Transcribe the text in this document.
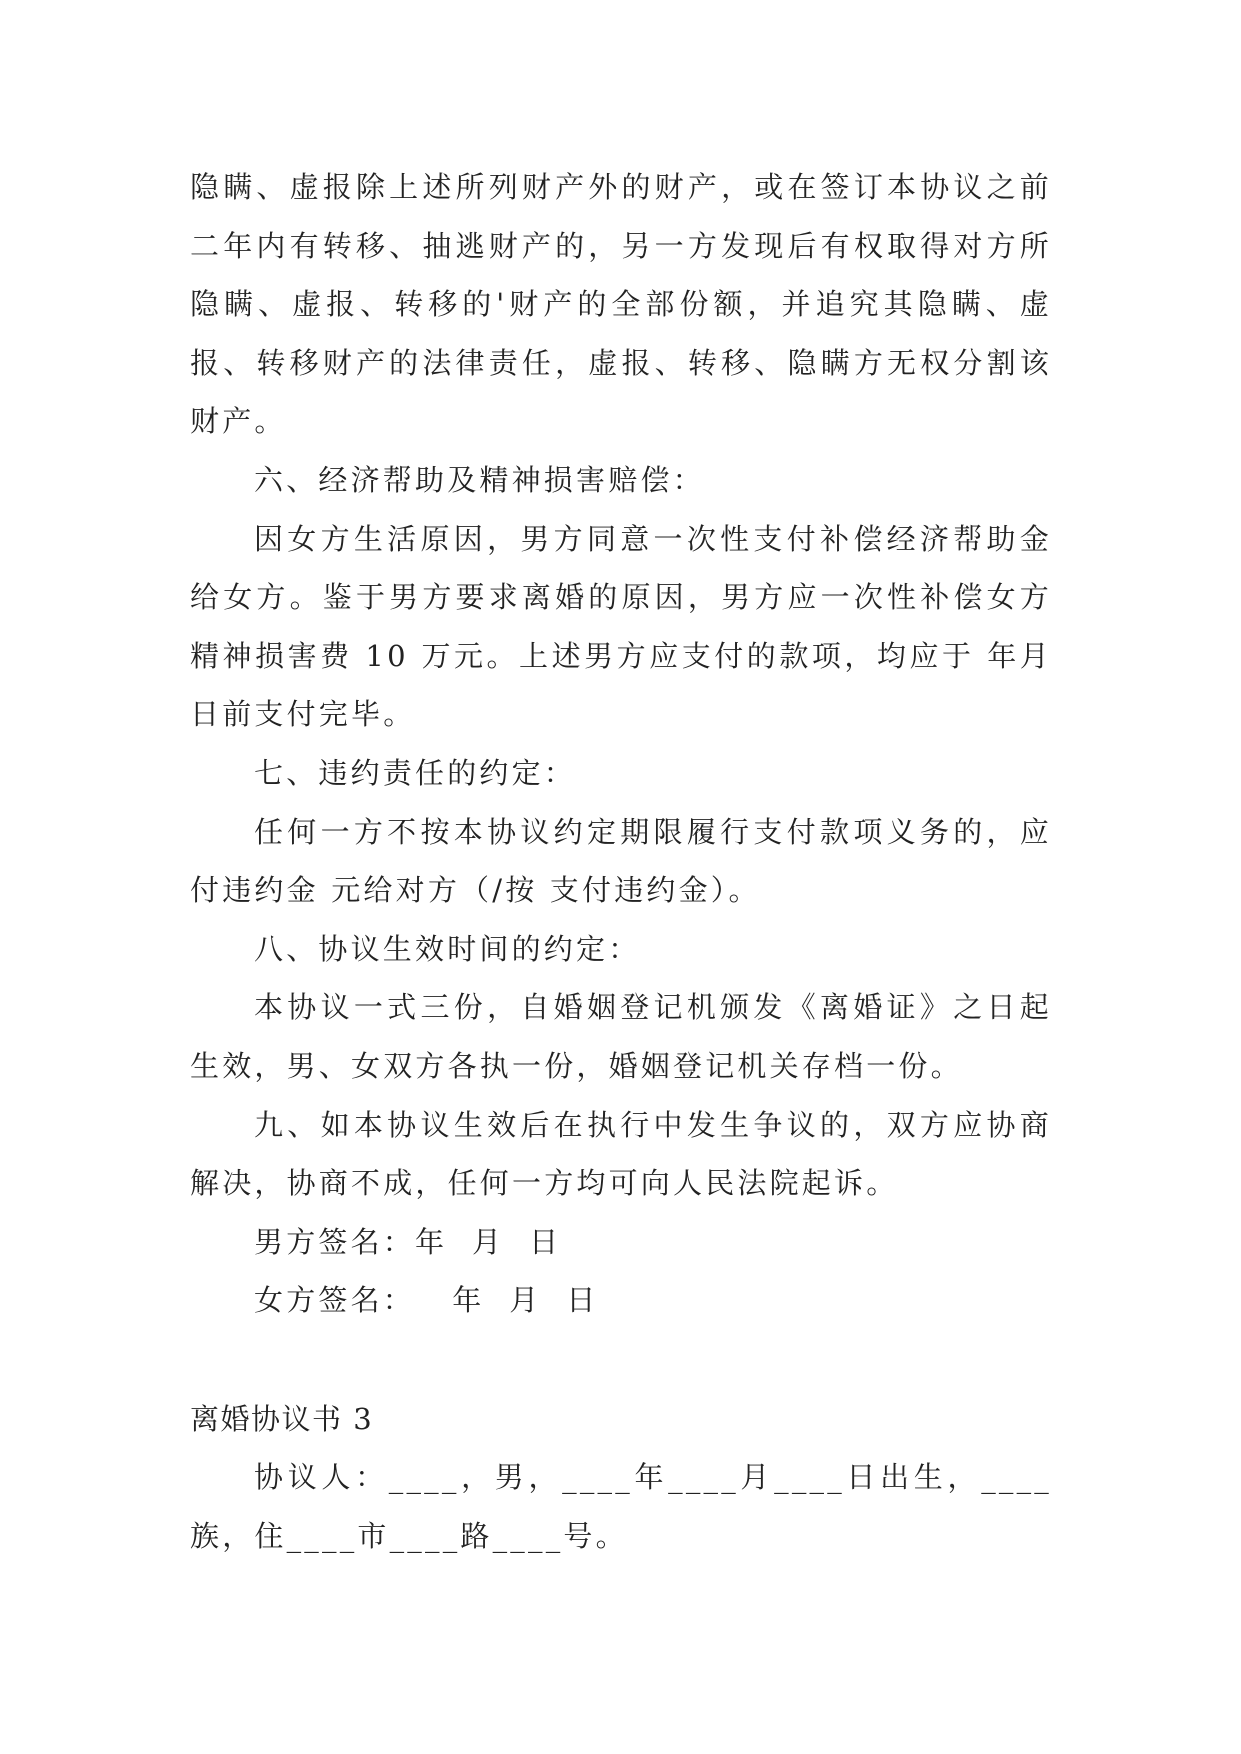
隐瞒、虚报除上述所列财产外的财产，或在签订本协议之前二年内有转移、抽逃财产的，另一方发现后有权取得对方所隐瞒、虚报、转移的'财产的全部份额，并追究其隐瞒、虚报、转移财产的法律责任，虚报、转移、隐瞒方无权分割该财产。

六、经济帮助及精神损害赔偿：

因女方生活原因，男方同意一次性支付补偿经济帮助金给女方。鉴于男方要求离婚的原因，男方应一次性补偿女方精神损害费 10 万元。上述男方应支付的款项，均应于 年月 日前支付完毕。

七、违约责任的约定：

任何一方不按本协议约定期限履行支付款项义务的，应付违约金 元给对方（/按 支付违约金）。

八、协议生效时间的约定：

本协议一式三份，自婚姻登记机颁发《离婚证》之日起生效，男、女双方各执一份，婚姻登记机关存档一份。

九、如本协议生效后在执行中发生争议的，双方应协商解决，协商不成，任何一方均可向人民法院起诉。

男方签名：年  月  日

女方签名：   年  月  日

离婚协议书 3

协议人：____，男，____年____月____日出生，____族，住____市____路____号。
